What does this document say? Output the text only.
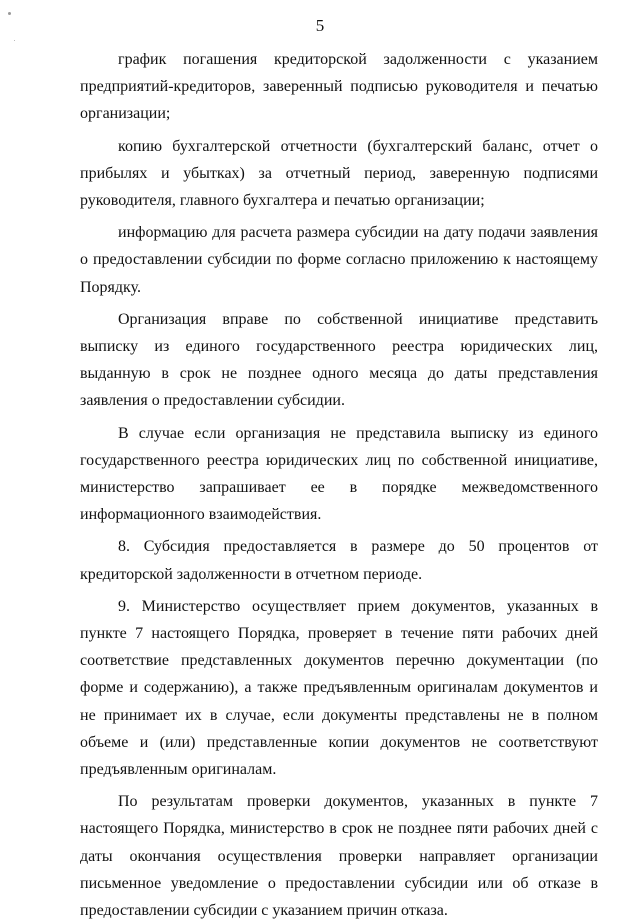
5

график погашения кредиторской задолженности с указанием предприятий-кредиторов, заверенный подписью руководителя и печатью организации;

копию бухгалтерской отчетности (бухгалтерский баланс, отчет о прибылях и убытках) за отчетный период, заверенную подписями руководителя, главного бухгалтера и печатью организации;

информацию для расчета размера субсидии на дату подачи заявления о предоставлении субсидии по форме согласно приложению к настоящему Порядку.

Организация вправе по собственной инициативе представить выписку из единого государственного реестра юридических лиц, выданную в срок не позднее одного месяца до даты представления заявления о предоставлении субсидии.

В случае если организация не представила выписку из единого государственного реестра юридических лиц по собственной инициативе, министерство запрашивает ее в порядке межведомственного информационного взаимодействия.

8. Субсидия предоставляется в размере до 50 процентов от кредиторской задолженности в отчетном периоде.

9. Министерство осуществляет прием документов, указанных в пункте 7 настоящего Порядка, проверяет в течение пяти рабочих дней соответствие представленных документов перечню документации (по форме и содержанию), а также предъявленным оригиналам документов и не принимает их в случае, если документы представлены не в полном объеме и (или) представленные копии документов не соответствуют предъявленным оригиналам.

По результатам проверки документов, указанных в пункте 7 настоящего Порядка, министерство в срок не позднее пяти рабочих дней с даты окончания осуществления проверки направляет организации письменное уведомление о предоставлении субсидии или об отказе в предоставлении субсидии с указанием причин отказа.
